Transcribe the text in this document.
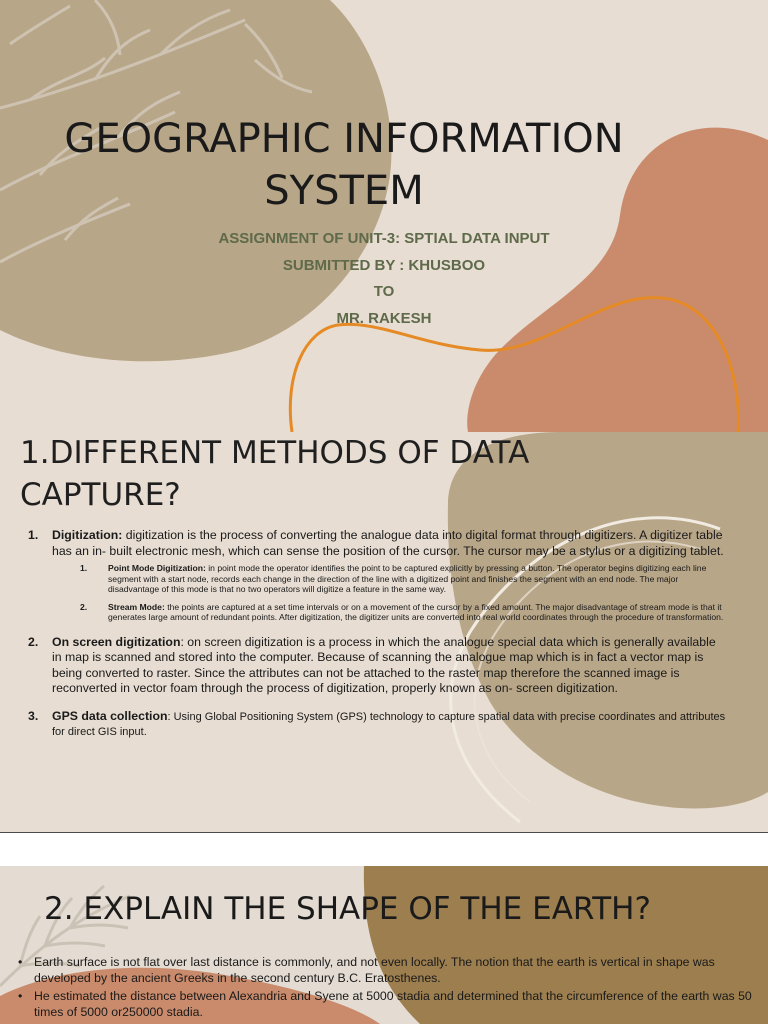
GEOGRAPHIC INFORMATION
SYSTEM
ASSIGNMENT OF UNIT-3: SPTIAL DATA INPUT
SUBMITTED BY : KHUSBOO
TO
MR. RAKESH
1.DIFFERENT METHODS OF DATA
CAPTURE?
1. Digitization: digitization is the process of converting the analogue data into digital format through digitizers. A digitizer table has an in- built electronic mesh, which can sense the position of the cursor. The cursor may be a stylus or a digitizing tablet.
1. Point Mode Digitization: in point mode the operator identifies the point to be captured explicitly by pressing a button. The operator begins digitizing each line segment with a start node, records each change in the direction of the line with a digitized point and finishes the segment with an end node. The major disadvantage of this mode is that no two operators will digitize a feature in the same way.
2. Stream Mode: the points are captured at a set time intervals or on a movement of the cursor by a fixed amount. The major disadvantage of stream mode is that it generates large amount of redundant points. After digitization, the digitizer units are converted into real world coordinates through the procedure of transformation.
2. On screen digitization: on screen digitization is a process in which the analogue special data which is generally available in map is scanned and stored into the computer. Because of scanning the analogue map which is in fact a vector map is being converted to raster. Since the attributes can not be attached to the raster map therefore the scanned image is reconverted in vector foam through the process of digitization, properly known as on- screen digitization.
3. GPS data collection: Using Global Positioning System (GPS) technology to capture spatial data with precise coordinates and attributes for direct GIS input.
2. EXPLAIN THE SHAPE OF THE EARTH?
• Earth surface is not flat over last distance is commonly, and not even locally. The notion that the earth is vertical in shape was developed by the ancient Greeks in the second century B.C. Eratosthenes.
• He estimated the distance between Alexandria and Syene at 5000 stadia and determined that the circumference of the earth was 50 times of 5000 or250000 stadia.
